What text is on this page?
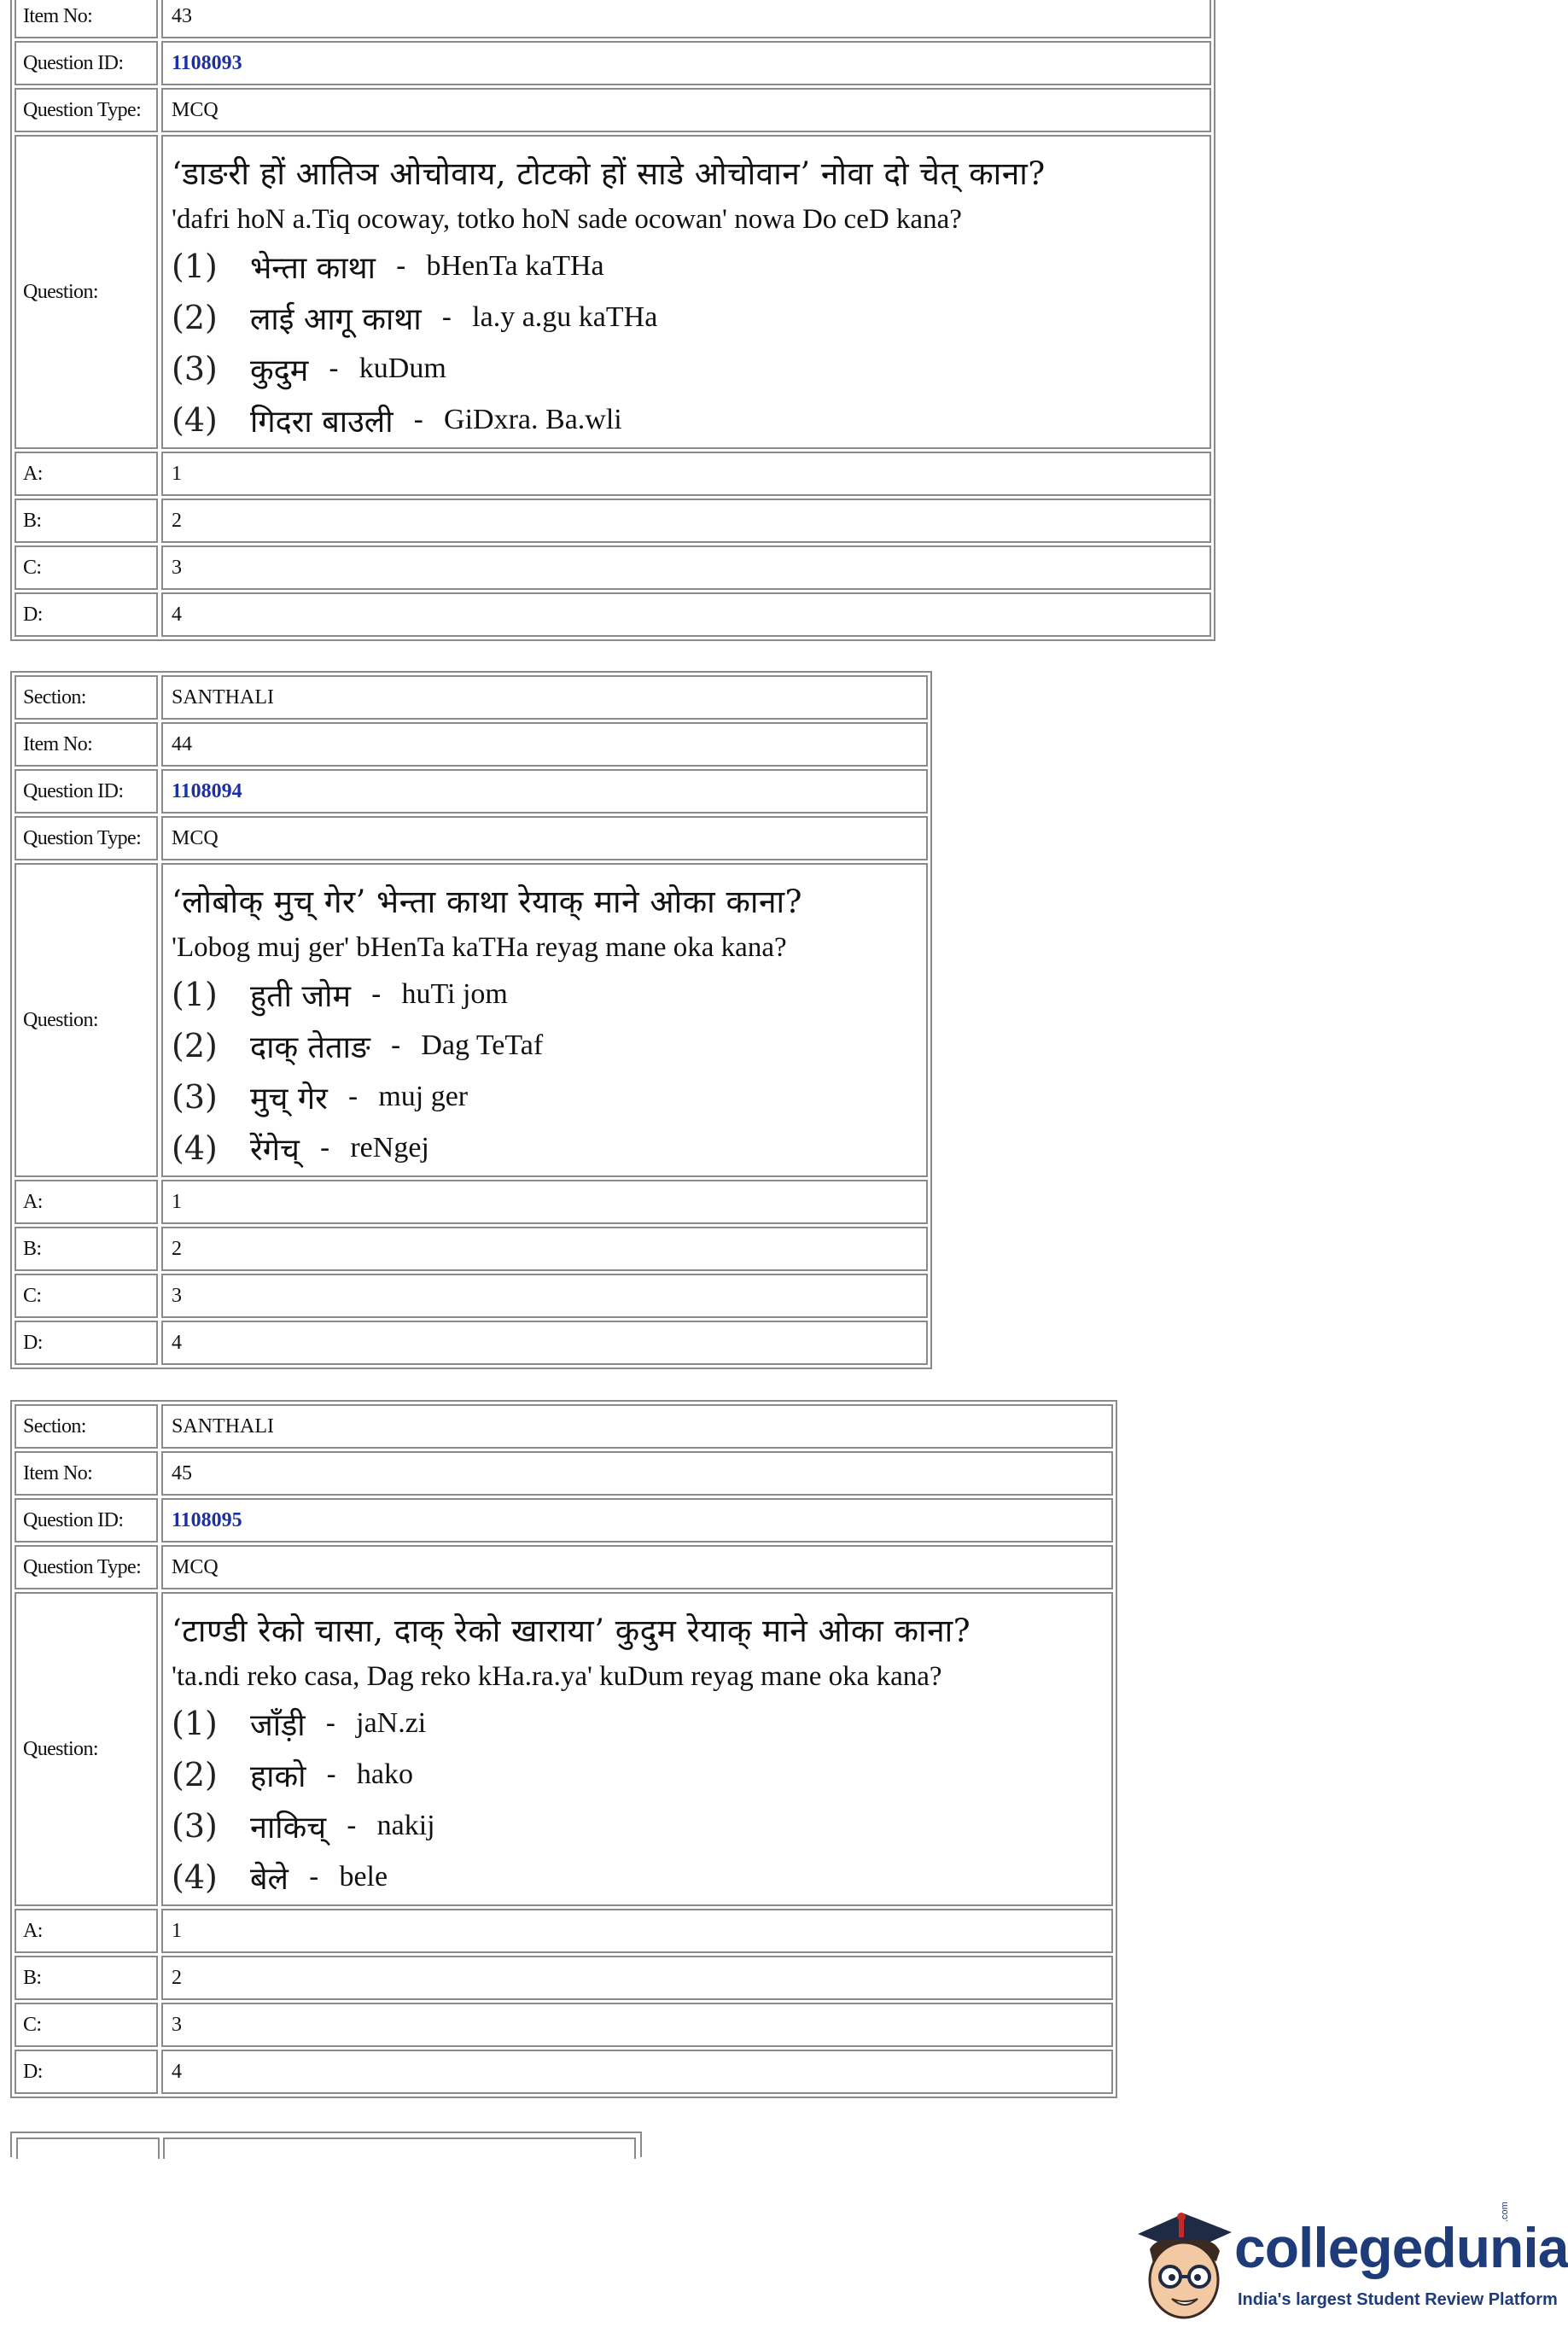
Item No:	43
Question ID:	1108093
Question Type:	MCQ
Question:
‘डाङरी हों आतिञ ओचोवाय, टोटको हों साडे ओचोवान’ नोवा दो चेत् काना?
'dafri hoN a.Tiq ocoway, totko hoN sade ocowan' nowa Do ceD kana?
(1)	भेन्ता काथा - bHenTa kaTHa
(2)	लाई आगू काथा - la.y a.gu kaTHa
(3)	कुदुम - kuDum
(4)	गिदरा बाउली - GiDxra. Ba.wli
A:	1
B:	2
C:	3
D:	4
Section:	SANTHALI
Item No:	44
Question ID:	1108094
Question Type:	MCQ
Question:
‘लोबोक् मुच् गेर’ भेन्ता काथा रेयाक् माने ओका काना?
'Lobog muj ger' bHenTa kaTHa reyag mane oka kana?
(1)	हुती जोम - huTi jom
(2)	दाक् तेताङ - Dag TeTaf
(3)	मुच् गेर - muj ger
(4)	रेंगेच् - reNgej
A:	1
B:	2
C:	3
D:	4
Section:	SANTHALI
Item No:	45
Question ID:	1108095
Question Type:	MCQ
Question:
‘टाण्डी रेको चासा, दाक् रेको खाराया’ कुदुम रेयाक् माने ओका काना?
'ta.ndi reko casa, Dag reko kHa.ra.ya' kuDum reyag mane oka kana?
(1)	जाँड़ी - jaN.zi
(2)	हाको - hako
(3)	नाकिच् - nakij
(4)	बेले - bele
A:	1
B:	2
C:	3
D:	4
collegedunia
.com
India's largest Student Review Platform
